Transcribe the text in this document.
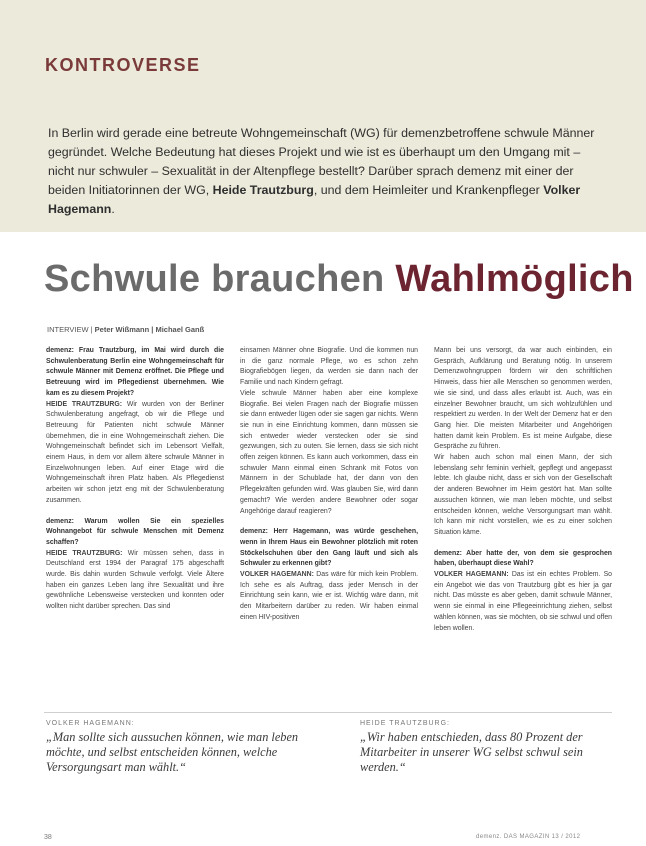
KONTROVERSE
In Berlin wird gerade eine betreute Wohngemeinschaft (WG) für demenzbetroffene schwule Männer gegründet. Welche Bedeutung hat dieses Projekt und wie ist es überhaupt um den Umgang mit – nicht nur schwuler – Sexualität in der Altenpflege bestellt? Darüber sprach demenz mit einer der beiden Initiatorinnen der WG, Heide Trautzburg, und dem Heimleiter und Krankenpfleger Volker Hagemann.
Schwule brauchen Wahlmöglich
INTERVIEW | Peter Wißmann | Michael Ganß

demenz: Frau Trautzburg, im Mai wird durch die Schwulenberatung Berlin eine Wohngemeinschaft für schwule Männer mit Demenz eröffnet. Die Pflege und Betreuung wird im Pflegedienst übernehmen. Wie kam es zu diesem Projekt?

HEIDE TRAUTZBURG: Wir wurden von der Berliner Schwulenberatung angefragt, ob wir die Pflege und Betreuung für Patienten nicht schwule Männer übernehmen, die in eine Wohngemeinschaft ziehen. Die Wohngemeinschaft befindet sich im Lebensort Vielfalt, einem Haus, in dem vor allem ältere schwule Männer in Einzelwohnungen leben. Auf einer Etage wird die Wohngemeinschaft ihren Platz haben. Als Pflegedienst arbeiten wir schon jetzt eng mit der Schwulenberatung zusammen.

demenz: Warum wollen Sie ein spezielles Wohnangebot für schwule Menschen mit Demenz schaffen?

HEIDE TRAUTZBURG: Wir müssen sehen, dass in Deutschland erst 1994 der Paragraf 175 abgeschafft wurde. Bis dahin wurden Schwule verfolgt. Viele Ältere haben ein ganzes Leben lang ihre Sexualität und ihre gewöhnliche Lebensweise verstecken und konnten oder wollten nicht darüber sprechen. Das sind

einsamen Männer ohne Biografie. Und die kommen nun in die ganz normale Pflege, wo es schon zehn Biografiebögen liegen, da werden sie dann nach der Familie und nach Kindern gefragt.

Viele schwule Männer haben aber eine komplexe Biografie. Bei vielen Fragen nach der Biografie müssen sie dann entweder lügen oder sie sagen gar nichts. Wenn sie nun in eine Einrichtung kommen, dann müssen sie sich entweder wieder verstecken oder sie sind gezwungen, sich zu outen. Sie lernen, dass sie sich nicht offen zeigen können. Es kann auch vorkommen, dass ein schwuler Mann einmal einen Schrank mit Fotos von Männern in der Schublade hat, der dann von den Pflegekräften gefunden wird. Was glauben Sie, wird dann gemacht? Wie werden andere Bewohner oder sogar Angehörige darauf reagieren?

demenz: Herr Hagemann, was würde geschehen, wenn in Ihrem Haus ein Bewohner plötzlich mit roten Stöckelschuhen über den Gang läuft und sich als Schwuler zu erkennen gibt?

VOLKER HAGEMANN: Das wäre für mich kein Problem. Ich sehe es als Auftrag, dass jeder Mensch in der Einrichtung sein kann, wie er ist. Wichtig wäre dann, mit den Mitarbeitern darüber zu reden. Wir haben einmal einen HIV-positiven

Mann bei uns versorgt, da war auch einbinden, ein Gespräch, Aufklärung und Beratung nötig. In unserem Demenzwohngruppen fördern wir den schriftlichen Hinweis, dass hier alle Menschen so genommen werden, wie sie sind, und dass alles erlaubt ist. Auch, was ein einzelner Bewohner braucht, um sich wohlzufühlen und respektiert zu werden. In der Welt der Demenz hat er den Gang hier. Die meisten Mitarbeiter und Angehörigen hatten damit kein Problem. Es ist meine Aufgabe, diese Gespräche zu führen.

Wir haben auch schon mal einen Mann, der sich lebenslang sehr feminin verhielt, gepflegt und angepasst lebte. Ich glaube nicht, dass er sich von der Gesellschaft der anderen Bewohner im Heim gestört hat. Man sollte aussuchen können, wie man leben möchte, und selbst entscheiden können, welche Versorgungsart man wählt. Ich kann mir nicht vorstellen, wie es zu einer solchen Situation käme.

demenz: Aber hatte der, von dem sie gesprochen haben, überhaupt diese Wahl?

VOLKER HAGEMANN: Das ist ein echtes Problem. So ein Angebot wie das von Trautzburg gibt es hier ja gar nicht. Das müsste es aber geben, damit schwule Männer, wenn sie einmal in eine Pflegeeinrichtung ziehen, selbst wählen können, was sie möchten, ob sie schwul und offen leben wollen.

VOLKER HAGEMANN:
„Man sollte sich aussuchen können, wie man leben möchte, und selbst entscheiden können, welche Versorgungsart man wählt.“
HEIDE TRAUTZBURG:
„Wir haben entschieden, dass 80 Prozent der Mitarbeiter in unserer WG selbst schwul sein werden.“
38	demenz. DAS MAGAZIN 13 / 2012
